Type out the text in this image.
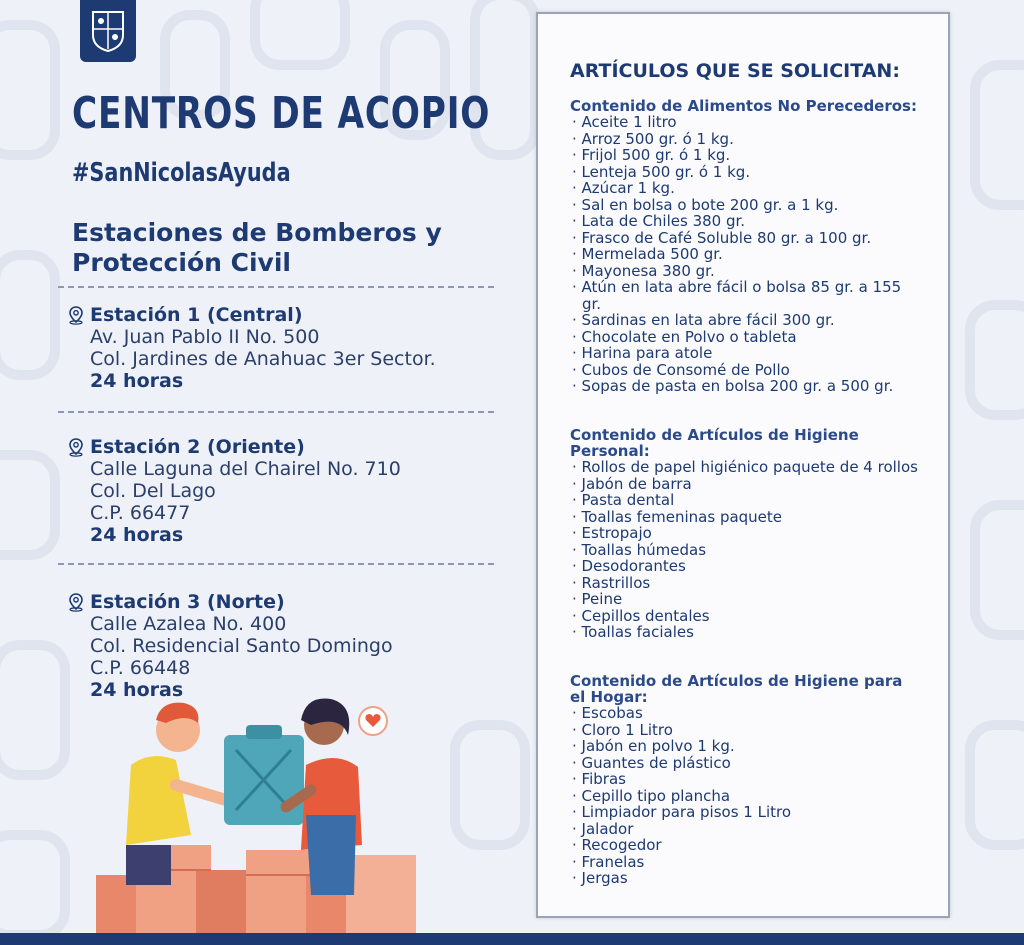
CENTROS DE ACOPIO
#SanNicolasAyuda
Estaciones de Bomberos y Protección Civil
Estación 1 (Central)
Av. Juan Pablo II No. 500
Col. Jardines de Anahuac 3er Sector.
24 horas
Estación 2 (Oriente)
Calle Laguna del Chairel No. 710
Col. Del Lago
C.P. 66477
24 horas
Estación 3 (Norte)
Calle Azalea No. 400
Col. Residencial Santo Domingo
C.P. 66448
24 horas
ARTÍCULOS QUE SE SOLICITAN:
Contenido de Alimentos No Perecederos:
· Aceite 1 litro
· Arroz 500 gr. ó 1 kg.
· Frijol 500 gr. ó 1 kg.
· Lenteja 500 gr. ó 1 kg.
· Azúcar 1 kg.
· Sal en bolsa o bote 200 gr. a 1 kg.
· Lata de Chiles 380 gr.
· Frasco de Café Soluble 80 gr. a 100 gr.
· Mermelada 500 gr.
· Mayonesa 380 gr.
· Atún en lata abre fácil o bolsa 85 gr. a 155 gr.
· Sardinas en lata abre fácil 300 gr.
· Chocolate en Polvo o tableta
· Harina para atole
· Cubos de Consomé de Pollo
· Sopas de pasta en bolsa 200 gr. a 500 gr.
Contenido de Artículos de Higiene Personal:
· Rollos de papel higiénico paquete de 4 rollos
· Jabón de barra
· Pasta dental
· Toallas femeninas paquete
· Estropajo
· Toallas húmedas
· Desodorantes
· Rastrillos
· Peine
· Cepillos dentales
· Toallas faciales
Contenido de Artículos de Higiene para el Hogar:
· Escobas
· Cloro 1 Litro
· Jabón en polvo 1 kg.
· Guantes de plástico
· Fibras
· Cepillo tipo plancha
· Limpiador para pisos 1 Litro
· Jalador
· Recogedor
· Franelas
· Jergas
